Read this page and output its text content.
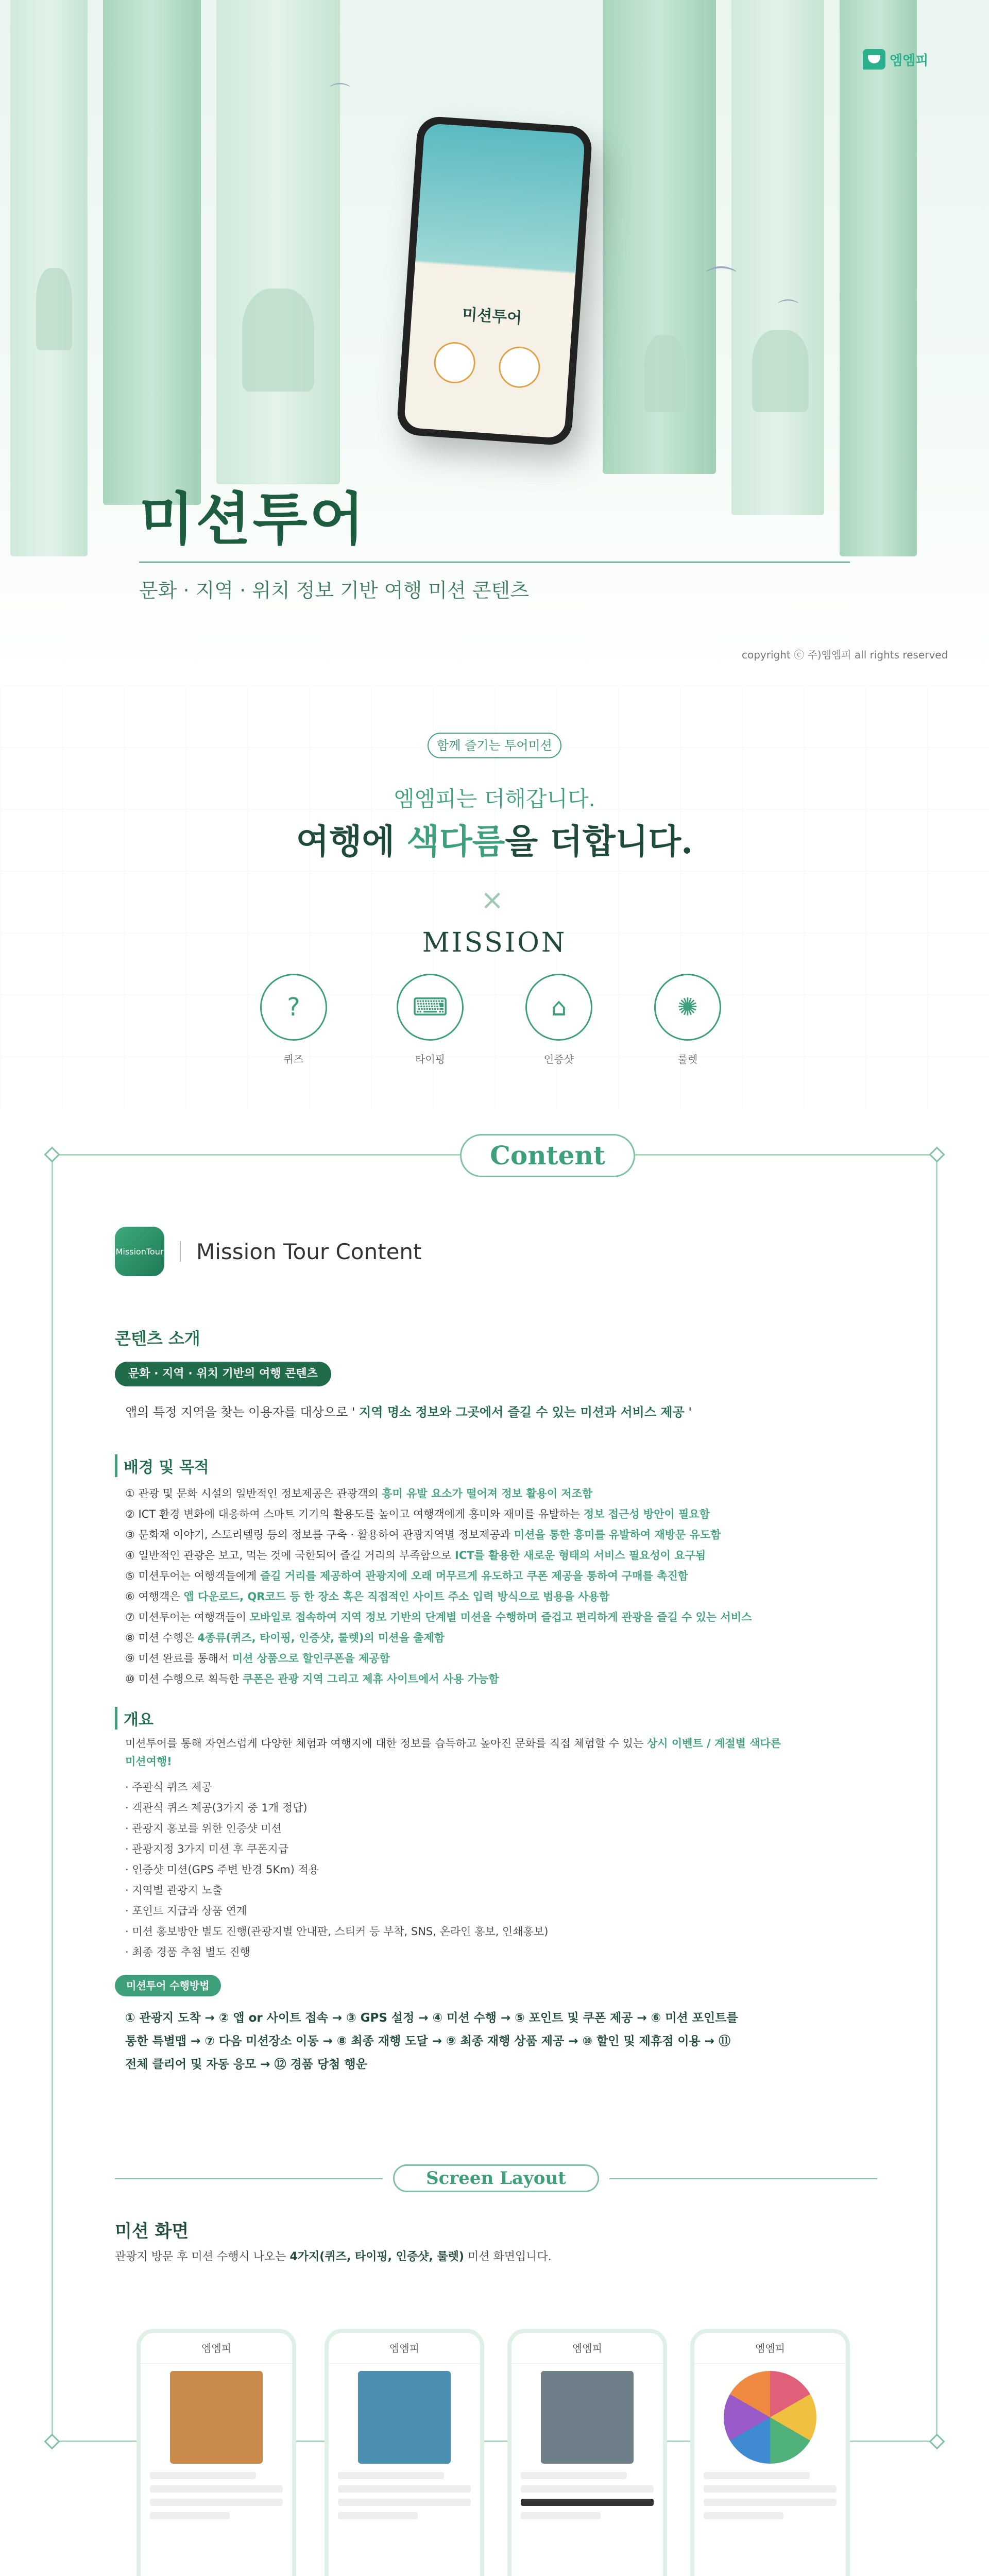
⌒
⌒
⌒
미션투어
엠엠피
미션투어
문화 · 지역 · 위치 정보 기반 여행 미션 콘텐츠
copyright ⓒ 주)엠엠피 all rights reserved
함께 즐기는 투어미션
엠엠피는 더해갑니다.
여행에 색다름을 더합니다.
×
MISSION
?
퀴즈
⌨
타이핑
⌂
인증샷
✺
룰렛
Content
MissionTour Mission Tour Content
콘텐츠 소개
문화 · 지역 · 위치 기반의 여행 콘텐츠
앱의 특정 지역을 찾는 이용자를 대상으로 ' 지역 명소 정보와 그곳에서 즐길 수 있는 미션과 서비스 제공 '
배경 및 목적
① 관광 및 문화 시설의 일반적인 정보제공은 관광객의 흥미 유발 요소가 떨어져 정보 활용이 저조함
② ICT 환경 변화에 대응하여 스마트 기기의 활용도를 높이고 여행객에게 흥미와 재미를 유발하는 정보 접근성 방안이 필요함
③ 문화재 이야기, 스토리텔링 등의 정보를 구축 · 활용하여 관광지역별 정보제공과 미션을 통한 흥미를 유발하여 재방문 유도함
④ 일반적인 관광은 보고, 먹는 것에 국한되어 즐길 거리의 부족함으로 ICT를 활용한 새로운 형태의 서비스 필요성이 요구됨
⑤ 미션투어는 여행객들에게 즐길 거리를 제공하여 관광지에 오래 머무르게 유도하고 쿠폰 제공을 통하여 구매를 촉진함
⑥ 여행객은 앱 다운로드, QR코드 등 한 장소 혹은 직접적인 사이트 주소 입력 방식으로 범용을 사용함
⑦ 미션투어는 여행객들이 모바일로 접속하여 지역 정보 기반의 단계별 미션을 수행하며 즐겁고 편리하게 관광을 즐길 수 있는 서비스
⑧ 미션 수행은 4종류(퀴즈, 타이핑, 인증샷, 룰렛)의 미션을 출제함
⑨ 미션 완료를 통해서 미션 상품으로 할인쿠폰을 제공함
⑩ 미션 수행으로 획득한 쿠폰은 관광 지역 그리고 제휴 사이트에서 사용 가능함
개요
미션투어를 통해 자연스럽게 다양한 체험과 여행지에 대한 정보를 습득하고 높아진 문화를 직접 체험할 수 있는 상시 이벤트 / 계절별 색다른
미션여행!
· 주관식 퀴즈 제공
· 객관식 퀴즈 제공(3가지 중 1개 정답)
· 관광지 홍보를 위한 인증샷 미션
· 관광지정 3가지 미션 후 쿠폰지급
· 인증샷 미션(GPS 주변 반경 5Km) 적용
· 지역별 관광지 노출
· 포인트 지급과 상품 연계
· 미션 홍보방안 별도 진행(관광지별 안내판, 스티커 등 부착, SNS, 온라인 홍보, 인쇄홍보)
· 최종 경품 추첨 별도 진행
미션투어 수행방법
① 관광지 도착 → ② 앱 or 사이트 접속 → ③ GPS 설정 → ④ 미션 수행 → ⑤ 포인트 및 쿠폰 제공 → ⑥ 미션 포인트를
통한 특별맵 → ⑦ 다음 미션장소 이동 → ⑧ 최종 재행 도달 → ⑨ 최종 재행 상품 제공 → ⑩ 할인 및 제휴점 이용 → ⑪
전체 클리어 및 자동 응모 → ⑫ 경품 당첨 행운
Screen Layout
미션 화면
관광지 방문 후 미션 수행시 나오는 4가지(퀴즈, 타이핑, 인증샷, 룰렛) 미션 화면입니다.
엠엠피	엠엠피	엠엠피	엠엠피
